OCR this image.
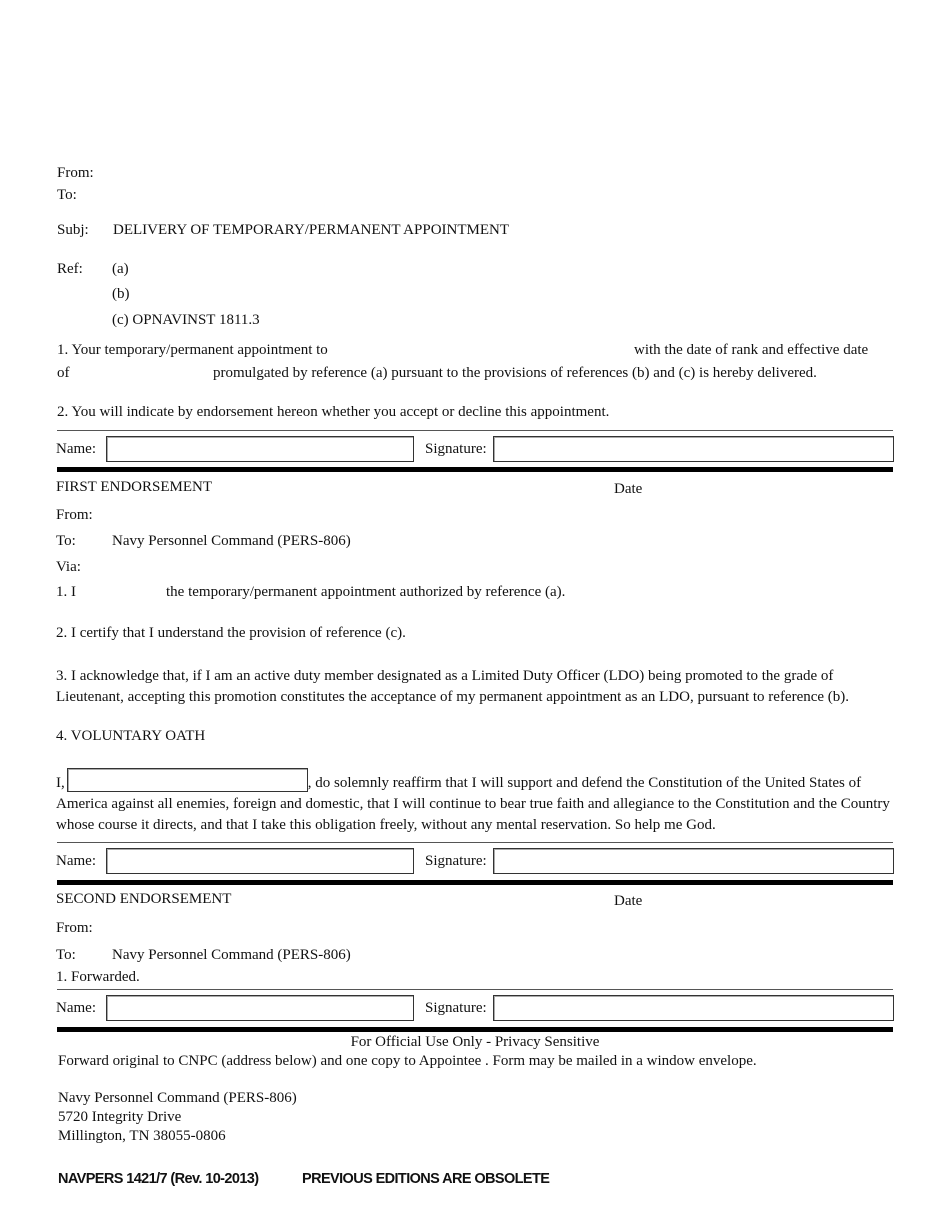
From:
To:
Subj: DELIVERY OF TEMPORARY/PERMANENT APPOINTMENT
Ref: (a)
(b)
(c) OPNAVINST 1811.3
1. Your temporary/permanent appointment to	with the date of rank and effective date
of	promulgated by reference (a) pursuant to the provisions of references (b) and (c) is hereby delivered.
2. You will indicate by endorsement hereon whether you accept or decline this appointment.
Name:	Signature:
FIRST ENDORSEMENT	Date
From:
To: Navy Personnel Command (PERS-806)
Via:
1. I	the temporary/permanent appointment authorized by reference (a).
2. I certify that I understand the provision of reference (c).
3. I acknowledge that, if I am an active duty member designated as a Limited Duty Officer (LDO) being promoted to the grade of Lieutenant, accepting this promotion constitutes the acceptance of my permanent appointment as an LDO, pursuant to reference (b).
4. VOLUNTARY OATH
I,	, do solemnly reaffirm that I will support and defend the Constitution of the United States of America against all enemies, foreign and domestic, that I will continue to bear true faith and allegiance to the Constitution and the Country whose course it directs, and that I take this obligation freely, without any mental reservation. So help me God.
Name:	Signature:
SECOND ENDORSEMENT	Date
From:
To: Navy Personnel Command (PERS-806)
1. Forwarded.
Name:	Signature:
For Official Use Only - Privacy Sensitive
Forward original to CNPC (address below) and one copy to Appointee . Form may be mailed in a window envelope.
Navy Personnel Command (PERS-806)
5720 Integrity Drive
Millington, TN 38055-0806
NAVPERS 1421/7 (Rev. 10-2013)	PREVIOUS EDITIONS ARE OBSOLETE
